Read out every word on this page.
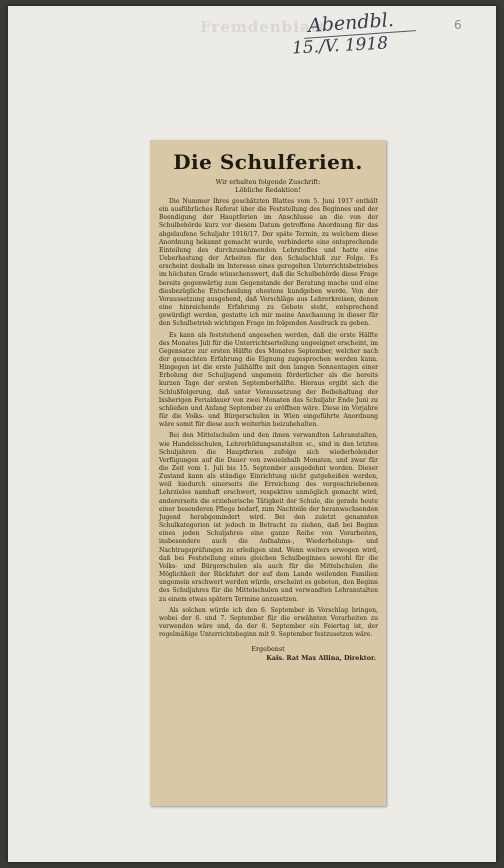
Fremdenblatt
Abendbl.
15./V. 1918
6
Die Schulferien.
Wir erhalten folgende Zuschrift:
Löbliche Redaktion!

Die Nummer Ihres geschätzten Blattes vom 5. Juni 1917 enthält ein ausführliches Referat über die Feststellung des Beginnes und der Beendigung der Hauptferien im Anschlusse an die von der Schulbehörde kurz vor diesem Datum getroffene Anordnung für das abgelaufene Schuljahr 1916/17. Der späte Termin, zu welchem diese Anordnung bekannt gemacht wurde, verhinderte eine entsprechende Einteilung des durchzunehmenden Lehrstoffes und hatte eine Ueberhastung der Arbeiten für den Schulschluß zur Folge. Es erscheint deshalb im Interesse eines geregelten Unterrichtsbetriebes im höchsten Grade wünschenswert, daß die Schulbehörde diese Frage bereits gegenwärtig zum Gegenstande der Beratung mache und eine diesbezügliche Entscheidung ehestens kundgeben werde. Von der Voraussetzung ausgehend, daß Vorschläge aus Lehrerkreisen, denen eine hinreichende Erfahrung zu Gebote steht, entsprechend gewürdigt werden, gestatte ich mir meine Anschauung in dieser für den Schulbetrieb wichtigen Frage im folgenden Ausdruck zu geben.

Es kann als feststehend angesehen werden, daß die erste Hälfte des Monates Juli für die Unterrichtserteilung ungeeignet erscheint, im Gegensatze zur ersten Hälfte des Monates September, welcher nach der gemachten Erfahrung die Eignung zugesprochen werden kann. Hingegen ist die erste Julihälfte mit den langen Sonnentagen einer Erholung der Schuljugend ungemein förderlicher als die bereits kurzen Tage der ersten Septemberhälfte. Hieraus ergibt sich die Schlußfolgerung, daß unter Voraussetzung der Beibehaltung der bisherigen Ferialdauer von zwei Monaten das Schuljahr Ende Juni zu schließen und Anfang September zu eröffnen wäre. Diese im Vorjahre für die Volks- und Bürgerschulen in Wien eingeführte Anordnung wäre somit für diese auch weiterhin beizubehalten.

Bei den Mittelschulen und den ihnen verwandten Lehranstalten, wie Handelsschulen, Lehrerbildungsanstalten ꝛc., sind in den letzten Schuljahren die Hauptferien zufolge sich wiederholender Verfügungen auf die Dauer von zweieinhalb Monaten, und zwar für die Zeit vom 1. Juli bis 15. September ausgedehnt worden. Dieser Zustand kann als ständige Einrichtung nicht gutgeheißen werden, weil hiedurch einerseits die Erreichung des vorgeschriebenen Lehrzieles namhaft erschwert, respektive unmöglich gemacht wird, andererseits die erzieherische Tätigkeit der Schule, die gerade heute einer besonderen Pflege bedarf, zum Nachteile der heranwachsenden Jugend herabgemindert wird. Bei den zuletzt genannten Schulkategorien ist jedoch in Betracht zu ziehen, daß bei Beginn eines jeden Schuljahres eine ganze Reihe von Vorarbeiten, insbesondere auch die Aufnahms-, Wiederholungs- und Nachtragsprüfungen zu erledigen sind. Wenn weiters erwogen wird, daß bei Feststellung eines gleichen Schulbeginnes sowohl für die Volks- und Bürgerschulen als auch für die Mittelschulen die Möglichkeit der Rückfahrt der auf dem Lande weilenden Familien ungemein erschwert werden würde, erscheint es geboten, den Beginn des Schuljahres für die Mittelschulen und verwandten Lehranstalten zu einem etwas spätern Termine anzusetzen.

Als solchen würde ich den 6. September in Vorschlag bringen, wobei der 6. und 7. September für die erwähnten Vorarbeiten zu verwenden wäre und, da der 8. September ein Feiertag ist, der regelmäßige Unterrichtsbeginn mit 9. September festzusetzen wäre.

Ergebenst
Kais. Rat Max Allina, Direktor.
